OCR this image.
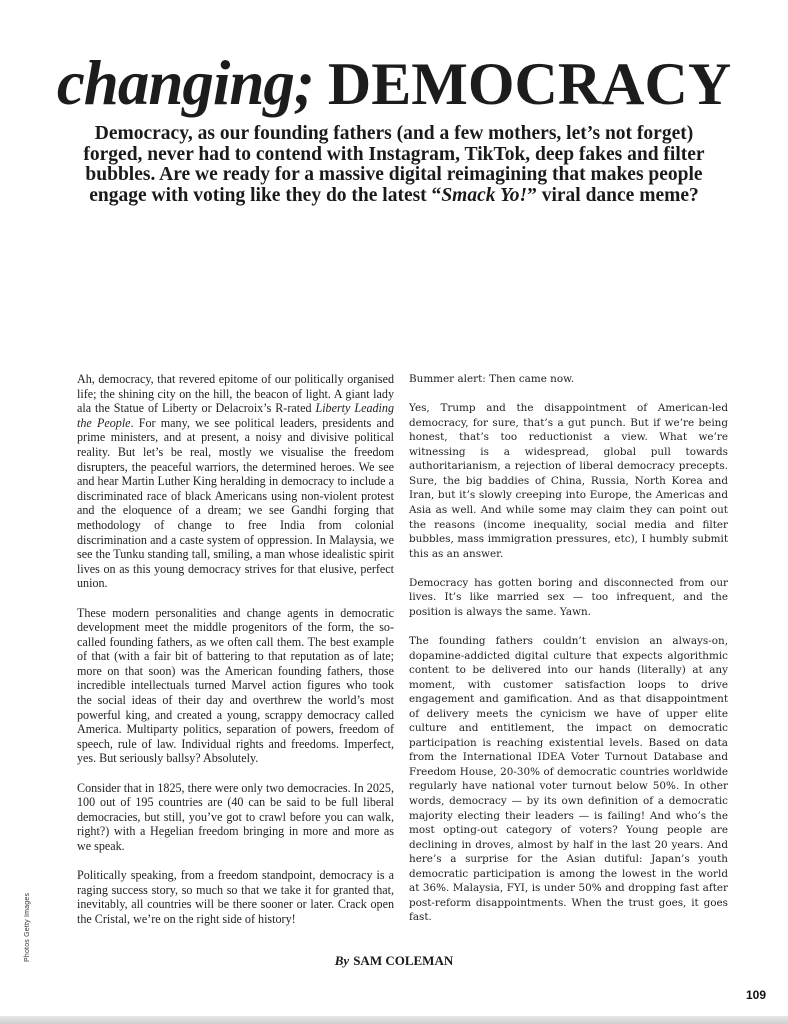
changing; DEMOCRACY

Democracy, as our founding fathers (and a few mothers, let’s not forget) forged, never had to contend with Instagram, TikTok, deep fakes and filter bubbles. Are we ready for a massive digital reimagining that makes people engage with voting like they do the latest “Smack Yo!” viral dance meme?

Ah, democracy, that revered epitome of our politically organised life; the shining city on the hill, the beacon of light. A giant lady ala the Statue of Liberty or Delacroix’s R-rated Liberty Leading the People. For many, we see political leaders, presidents and prime ministers, and at present, a noisy and divisive political reality. But let’s be real, mostly we visualise the freedom disrupters, the peaceful warriors, the determined heroes. We see and hear Martin Luther King heralding in democracy to include a discriminated race of black Americans using non-violent protest and the eloquence of a dream; we see Gandhi forging that methodology of change to free India from colonial discrimination and a caste system of oppression. In Malaysia, we see the Tunku standing tall, smiling, a man whose idealistic spirit lives on as this young democracy strives for that elusive, perfect union.

These modern personalities and change agents in democratic development meet the middle progenitors of the form, the so-called founding fathers, as we often call them. The best example of that (with a fair bit of battering to that reputation as of late; more on that soon) was the American founding fathers, those incredible intellectuals turned Marvel action figures who took the social ideas of their day and overthrew the world’s most powerful king, and created a young, scrappy democracy called America. Multiparty politics, separation of powers, freedom of speech, rule of law. Individual rights and freedoms. Imperfect, yes. But seriously ballsy? Absolutely.

Consider that in 1825, there were only two democracies. In 2025, 100 out of 195 countries are (40 can be said to be full liberal democracies, but still, you’ve got to crawl before you can walk, right?) with a Hegelian freedom bringing in more and more as we speak.

Politically speaking, from a freedom standpoint, democracy is a raging success story, so much so that we take it for granted that, inevitably, all countries will be there sooner or later. Crack open the Cristal, we’re on the right side of history!

Bummer alert: Then came now.

Yes, Trump and the disappointment of American-led democracy, for sure, that’s a gut punch. But if we’re being honest, that’s too reductionist a view. What we’re witnessing is a widespread, global pull towards authoritarianism, a rejection of liberal democracy precepts. Sure, the big baddies of China, Russia, North Korea and Iran, but it’s slowly creeping into Europe, the Americas and Asia as well. And while some may claim they can point out the reasons (income inequality, social media and filter bubbles, mass immigration pressures, etc), I humbly submit this as an answer.

Democracy has gotten boring and disconnected from our lives. It’s like married sex — too infrequent, and the position is always the same. Yawn.

The founding fathers couldn’t envision an always-on, dopamine-addicted digital culture that expects algorithmic content to be delivered into our hands (literally) at any moment, with customer satisfaction loops to drive engagement and gamification. And as that disappointment of delivery meets the cynicism we have of upper elite culture and entitlement, the impact on democratic participation is reaching existential levels. Based on data from the International IDEA Voter Turnout Database and Freedom House, 20-30% of democratic countries worldwide regularly have national voter turnout below 50%. In other words, democracy — by its own definition of a democratic majority electing their leaders — is failing! And who’s the most opting-out category of voters? Young people are declining in droves, almost by half in the last 20 years. And here’s a surprise for the Asian dutiful: Japan’s youth democratic participation is among the lowest in the world at 36%. Malaysia, FYI, is under 50% and dropping fast after post-reform disappointments. When the trust goes, it goes fast.

By SAM COLEMAN
Photos Getty Images
109
